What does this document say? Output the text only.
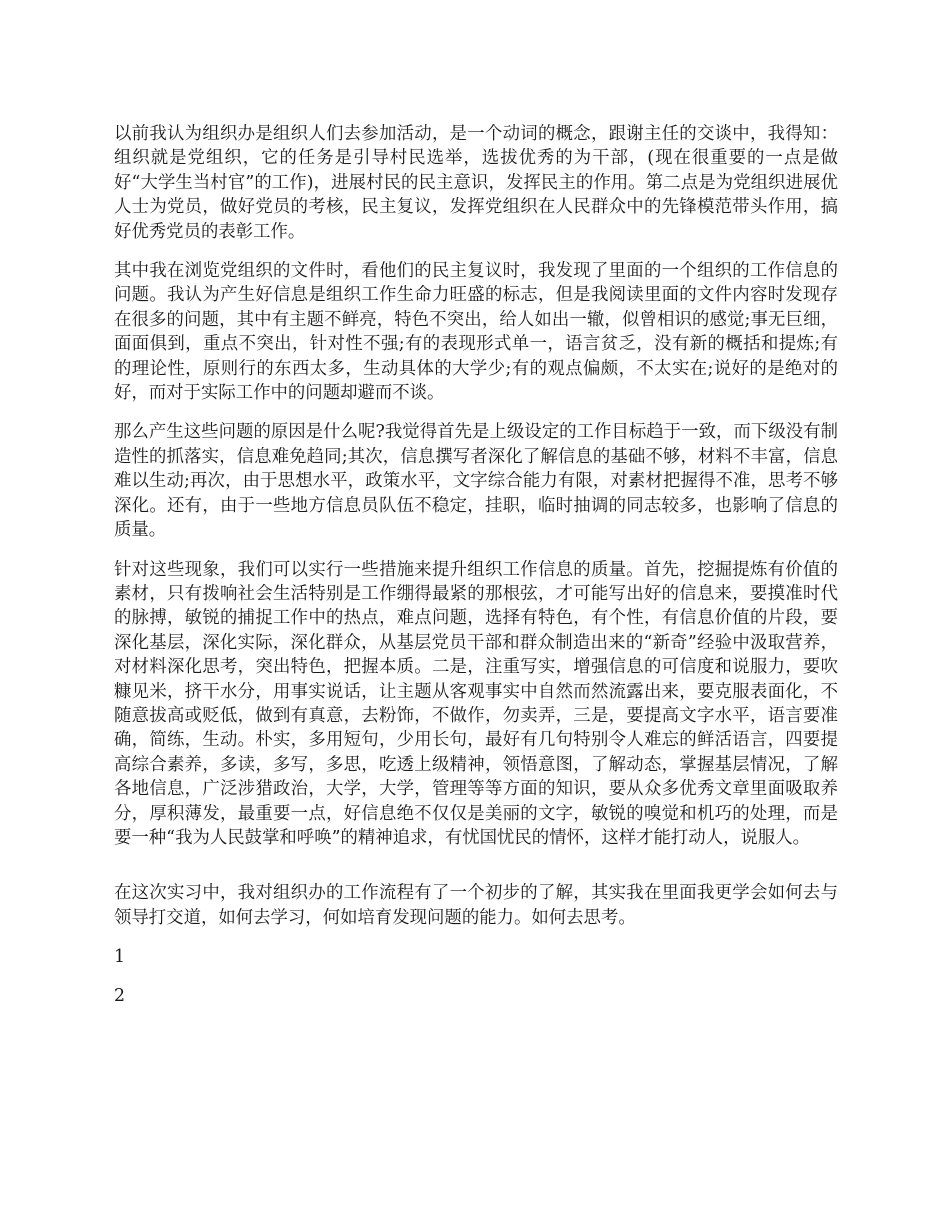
以前我认为组织办是组织人们去参加活动，是一个动词的概念，跟谢主任的交谈中，我得知：组织就是党组织，它的任务是引导村民选举，选拔优秀的为干部，(现在很重要的一点是做好“大学生当村官”的工作)，进展村民的民主意识，发挥民主的作用。第二点是为党组织进展优人士为党员，做好党员的考核，民主复议，发挥党组织在人民群众中的先锋模范带头作用，搞好优秀党员的表彰工作。

其中我在浏览党组织的文件时，看他们的民主复议时，我发现了里面的一个组织的工作信息的问题。我认为产生好信息是组织工作生命力旺盛的标志，但是我阅读里面的文件内容时发现存在很多的问题，其中有主题不鲜亮，特色不突出，给人如出一辙，似曾相识的感觉;事无巨细，面面俱到，重点不突出，针对性不强;有的表现形式单一，语言贫乏，没有新的概括和提炼;有的理论性，原则行的东西太多，生动具体的大学少;有的观点偏颇，不太实在;说好的是绝对的好，而对于实际工作中的问题却避而不谈。

那么产生这些问题的原因是什么呢?我觉得首先是上级设定的工作目标趋于一致，而下级没有制造性的抓落实，信息难免趋同;其次，信息撰写者深化了解信息的基础不够，材料不丰富，信息难以生动;再次，由于思想水平，政策水平，文字综合能力有限，对素材把握得不准，思考不够深化。还有，由于一些地方信息员队伍不稳定，挂职，临时抽调的同志较多，也影响了信息的质量。

针对这些现象，我们可以实行一些措施来提升组织工作信息的质量。首先，挖掘提炼有价值的素材，只有拨响社会生活特别是工作绷得最紧的那根弦，才可能写出好的信息来，要摸准时代的脉搏，敏锐的捕捉工作中的热点，难点问题，选择有特色，有个性，有信息价值的片段，要深化基层，深化实际，深化群众，从基层党员干部和群众制造出来的“新奇”经验中汲取营养，对材料深化思考，突出特色，把握本质。二是，注重写实，增强信息的可信度和说服力，要吹糠见米，挤干水分，用事实说话，让主题从客观事实中自然而然流露出来，要克服表面化，不随意拔高或贬低，做到有真意，去粉饰，不做作，勿卖弄，三是，要提高文字水平，语言要准确，简练，生动。朴实，多用短句，少用长句，最好有几句特别令人难忘的鲜活语言，四要提高综合素养，多读，多写，多思，吃透上级精神，领悟意图，了解动态，掌握基层情况，了解各地信息，广泛涉猎政治，大学，大学，管理等等方面的知识，要从众多优秀文章里面吸取养分，厚积薄发，最重要一点，好信息绝不仅仅是美丽的文字，敏锐的嗅觉和机巧的处理，而是要一种“我为人民鼓掌和呼唤”的精神追求，有忧国忧民的情怀，这样才能打动人，说服人。

在这次实习中，我对组织办的工作流程有了一个初步的了解，其实我在里面我更学会如何去与领导打交道，如何去学习，何如培育发现问题的能力。如何去思考。

1

2
